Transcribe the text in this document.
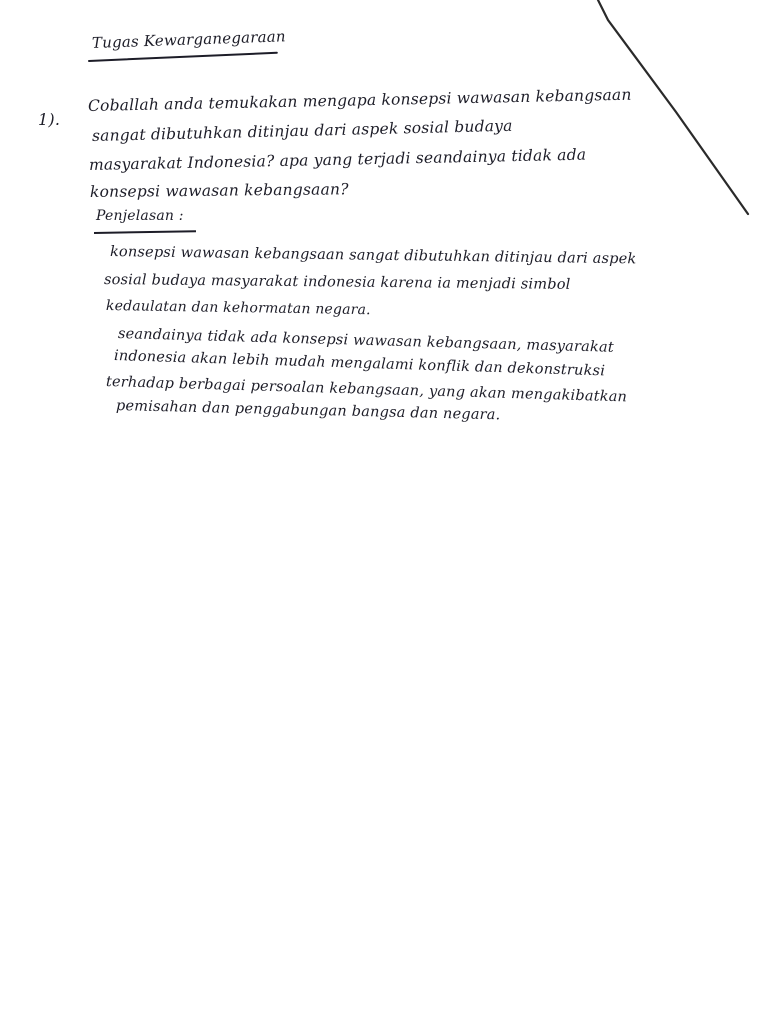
Tugas Kewarganegaraan
1).
Coballah anda temukakan mengapa konsepsi wawasan kebangsaan
sangat dibutuhkan ditinjau dari aspek sosial budaya
masyarakat Indonesia? apa yang terjadi seandainya tidak ada
konsepsi wawasan kebangsaan?
Penjelasan :
konsepsi wawasan kebangsaan sangat dibutuhkan ditinjau dari aspek
sosial budaya masyarakat indonesia karena ia menjadi simbol
kedaulatan dan kehormatan negara.
seandainya tidak ada konsepsi wawasan kebangsaan, masyarakat
indonesia akan lebih mudah mengalami konflik dan dekonstruksi
terhadap berbagai persoalan kebangsaan, yang akan mengakibatkan
pemisahan dan penggabungan bangsa dan negara.
